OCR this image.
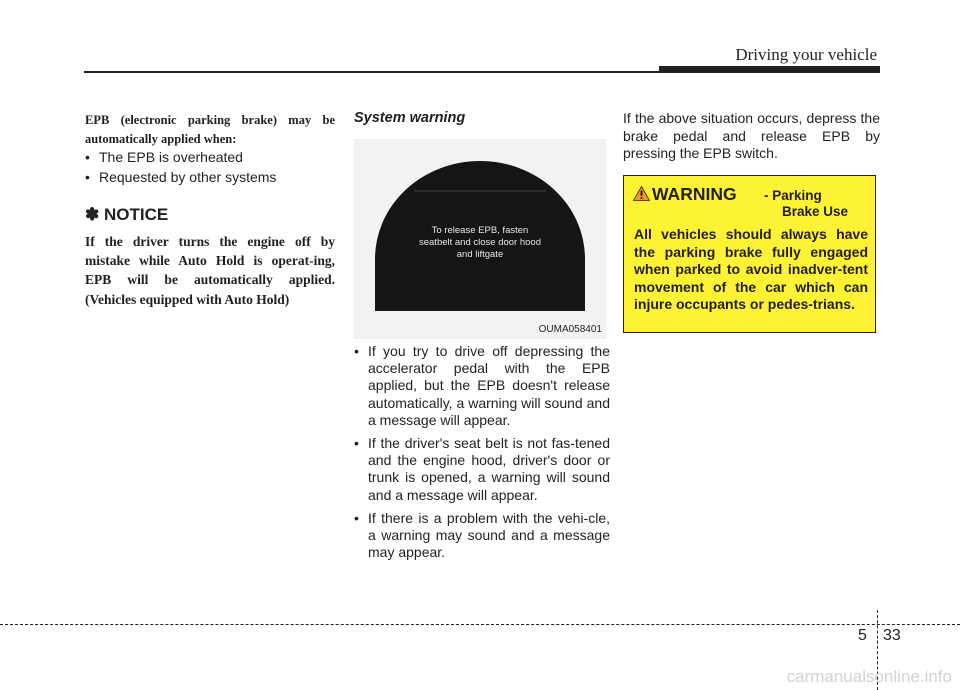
Driving your vehicle
EPB (electronic parking brake) may be automatically applied when:
• The EPB is overheated
• Requested by other systems
✽ NOTICE
If the driver turns the engine off by mistake while Auto Hold is operat-ing, EPB will be automatically applied. (Vehicles equipped with Auto Hold)
System warning
To release EPB, fasten seatbelt and close door hood and liftgate
OUMA058401
• If you try to drive off depressing the accelerator pedal with the EPB applied, but the EPB doesn't release automatically, a warning will sound and a message will appear.
• If the driver's seat belt is not fas-tened and the engine hood, driver's door or trunk is opened, a warning will sound and a message will appear.
• If there is a problem with the vehi-cle, a warning may sound and a message may appear.
If the above situation occurs, depress the brake pedal and release EPB by pressing the EPB switch.
WARNING - Parking
Brake Use
All vehicles should always have the parking brake fully engaged when parked to avoid inadver-tent movement of the car which can injure occupants or pedes-trians.
5 33
carmanualsonline.info
